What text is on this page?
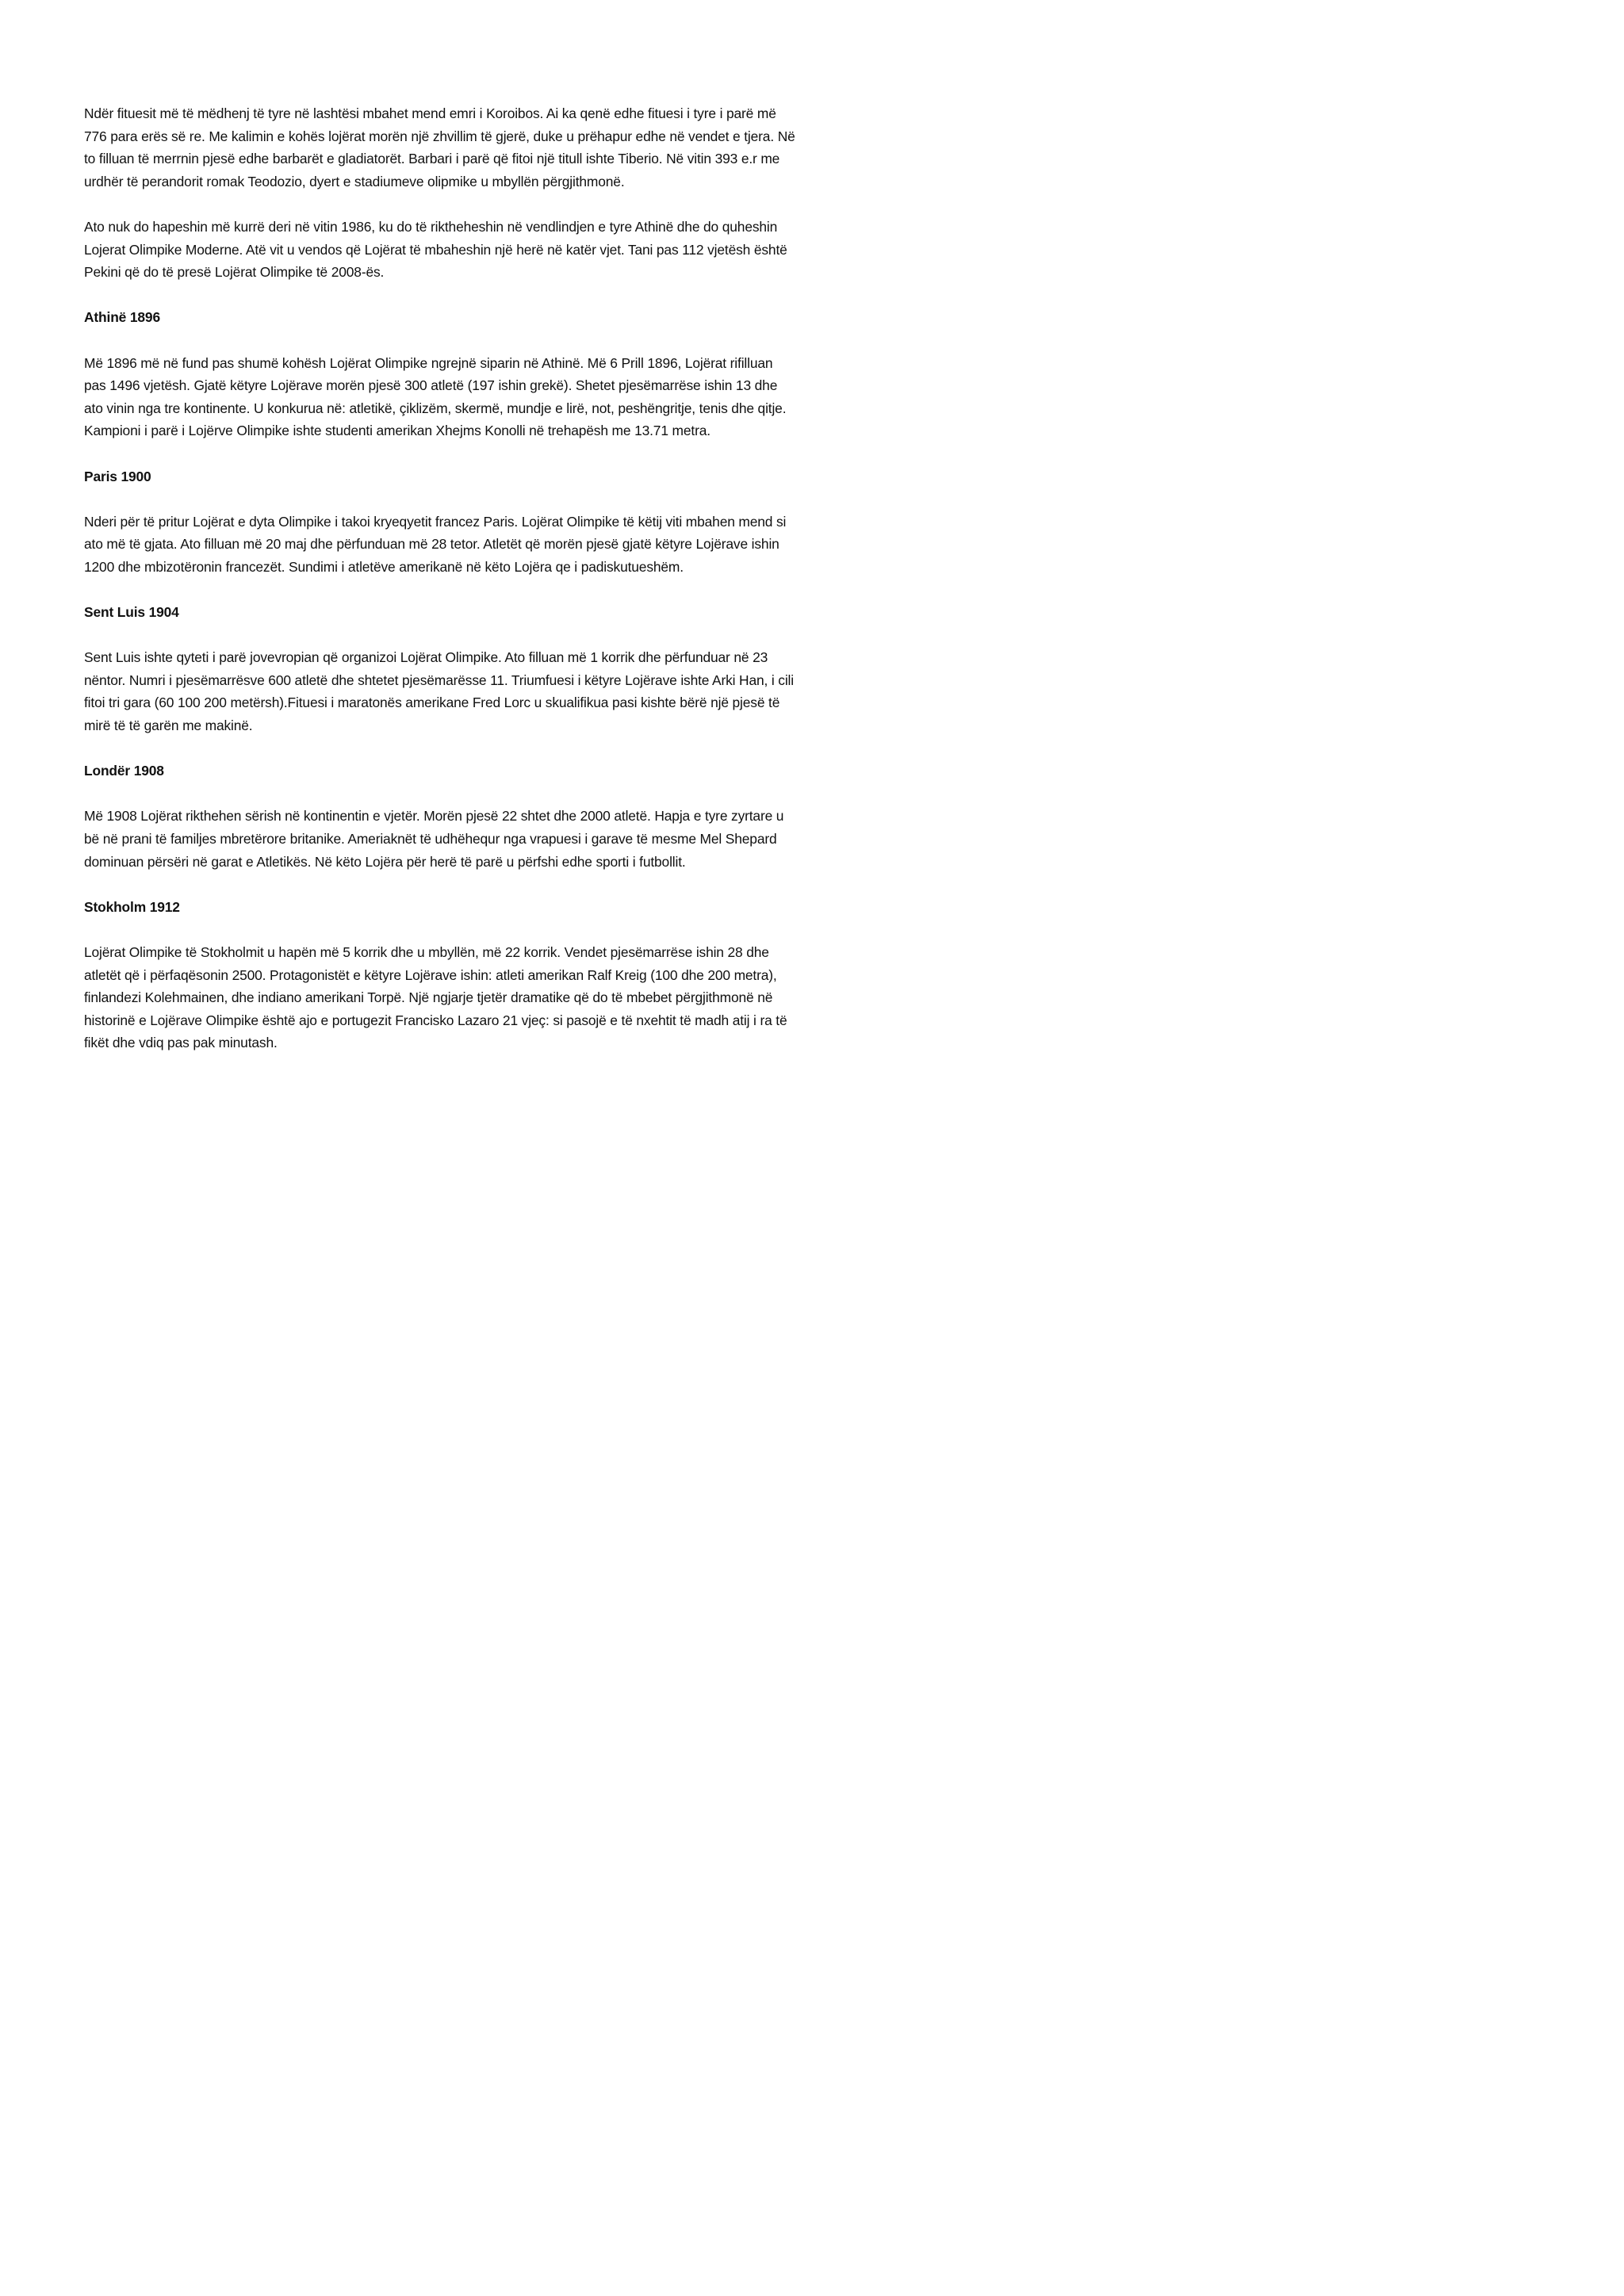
Ndër fituesit më të mëdhenj të tyre në lashtësi mbahet mend emri i Koroibos. Ai ka qenë edhe fituesi i tyre i parë më 776 para erës së re. Me kalimin e kohës lojërat morën një zhvillim të gjerë, duke u prëhapur edhe në vendet e tjera. Në to filluan të merrnin pjesë edhe barbarët e gladiatorët. Barbari i parë që fitoi një titull ishte Tiberio. Në vitin 393 e.r me urdhër të perandorit romak Teodozio, dyert e stadiumeve olipmike u mbyllën përgjithmonë.

Ato nuk do hapeshin më kurrë deri në vitin 1986, ku do të riktheheshin në vendlindjen e tyre Athinë dhe do quheshin Lojerat Olimpike Moderne. Atë vit u vendos që Lojërat të mbaheshin një herë në katër vjet. Tani pas 112 vjetësh është Pekini që do të presë Lojërat Olimpike të 2008-ës.

Athinë 1896

Më 1896 më në fund pas shumë kohësh Lojërat Olimpike ngrejnë siparin në Athinë. Më 6 Prill 1896, Lojërat rifilluan pas 1496 vjetësh. Gjatë këtyre Lojërave morën pjesë 300 atletë (197 ishin grekë). Shetet pjesëmarrëse ishin 13 dhe ato vinin nga tre kontinente. U konkurua në: atletikë, çiklizëm, skermë, mundje e lirë, not, peshëngritje, tenis dhe qitje. Kampioni i parë i Lojërve Olimpike ishte studenti amerikan Xhejms Konolli në trehapësh me 13.71 metra.

Paris 1900

Nderi për të pritur Lojërat e dyta Olimpike i takoi kryeqyetit francez Paris. Lojërat Olimpike të këtij viti mbahen mend si ato më të gjata. Ato filluan më 20 maj dhe përfunduan më 28 tetor. Atletët që morën pjesë gjatë këtyre Lojërave ishin 1200 dhe mbizotëronin francezët. Sundimi i atletëve amerikanë në këto Lojëra qe i padiskutueshëm.

Sent Luis 1904

Sent Luis ishte qyteti i parë jovevropian që organizoi Lojërat Olimpike. Ato filluan më 1 korrik dhe përfunduar në 23 nëntor. Numri i pjesëmarrësve 600 atletë dhe shtetet pjesëmarësse 11. Triumfuesi i këtyre Lojërave ishte Arki Han, i cili fitoi tri gara (60 100 200 metërsh).Fituesi i maratonës amerikane Fred Lorc u skualifikua pasi kishte bërë një pjesë të mirë të të garën me makinë.

Londër 1908

Më 1908 Lojërat rikthehen sërish në kontinentin e vjetër. Morën pjesë 22 shtet dhe 2000 atletë. Hapja e tyre zyrtare u bë në prani të familjes mbretërore britanike. Ameriaknët të udhëhequr nga vrapuesi i garave të mesme Mel Shepard dominuan përsëri në garat e Atletikës. Në këto Lojëra për herë të parë u përfshi edhe sporti i futbollit.

Stokholm 1912

Lojërat Olimpike të Stokholmit u hapën më 5 korrik dhe u mbyllën, më 22 korrik. Vendet pjesëmarrëse ishin 28 dhe atletët që i përfaqësonin 2500. Protagonistët e këtyre Lojërave ishin: atleti amerikan Ralf Kreig (100 dhe 200 metra), finlandezi Kolehmainen, dhe indiano amerikani Torpë. Një ngjarje tjetër dramatike që do të mbebet përgjithmonë në historinë e Lojërave Olimpike është ajo e portugezit Francisko Lazaro 21 vjeç: si pasojë e të nxehtit të madh atij i ra të fikët dhe vdiq pas pak minutash.
